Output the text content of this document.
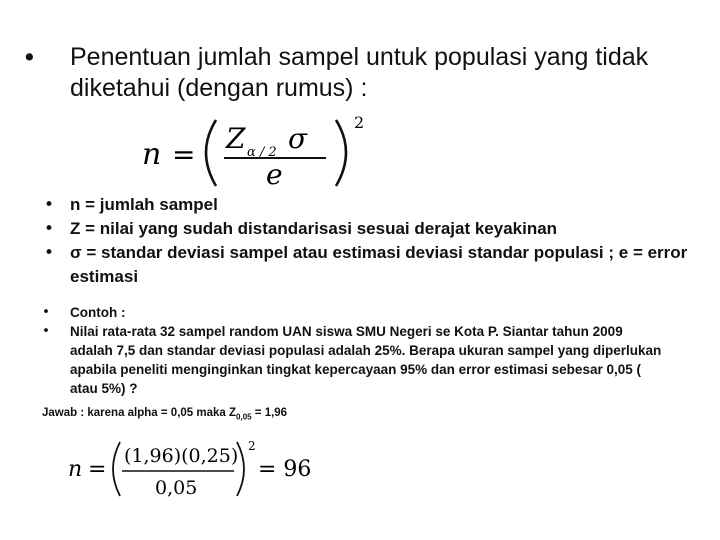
•	Penentuan jumlah sampel untuk populasi yang tidak diketahui (dengan rumus) :
n = Z α / 2 σ
e
2
• n = jumlah sampel
• Z = nilai yang sudah distandarisasi sesuai derajat keyakinan
• σ = standar deviasi sampel atau estimasi deviasi standar populasi ; e = error estimasi
• Contoh :
• Nilai rata-rata 32 sampel random UAN siswa SMU Negeri se Kota P. Siantar tahun 2009 adalah 7,5 dan standar deviasi populasi adalah 25%. Berapa ukuran sampel yang diperlukan apabila peneliti menginginkan tingkat kepercayaan 95% dan error estimasi sebesar 0,05 ( atau 5%) ?
Jawab : karena alpha = 0,05 maka $Z_{0,05} = 1,96$
n =
(1,96)(0,25)
0,05
2
= 96
